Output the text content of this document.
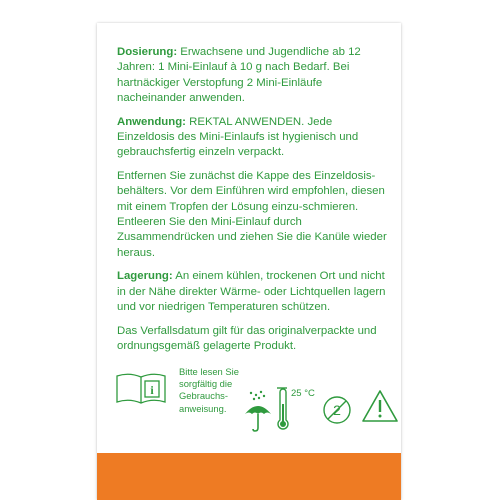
Dosierung: Erwachsene und Jugendliche ab 12 Jahren: 1 Mini-Einlauf à 10 g nach Bedarf. Bei hartnäckiger Verstopfung 2 Mini-Einläufe nacheinander anwenden.

Anwendung: REKTAL ANWENDEN. Jede Einzeldosis des Mini-Einlaufs ist hygienisch und gebrauchsfertig einzeln verpackt.

Entfernen Sie zunächst die Kappe des Einzeldosis-behälters. Vor dem Einführen wird empfohlen, diesen mit einem Tropfen der Lösung einzu-schmieren. Entleeren Sie den Mini-Einlauf durch Zusammendrücken und ziehen Sie die Kanüle wieder heraus.

Lagerung: An einem kühlen, trockenen Ort und nicht in der Nähe direkter Wärme- oder Lichtquellen lagern und vor niedrigen Temperaturen schützen.

Das Verfallsdatum gilt für das originalverpackte und ordnungsgemäß gelagerte Produkt.

i
Bitte lesen Sie sorgfältig die Gebrauchs-anweisung.
25 °C
2
